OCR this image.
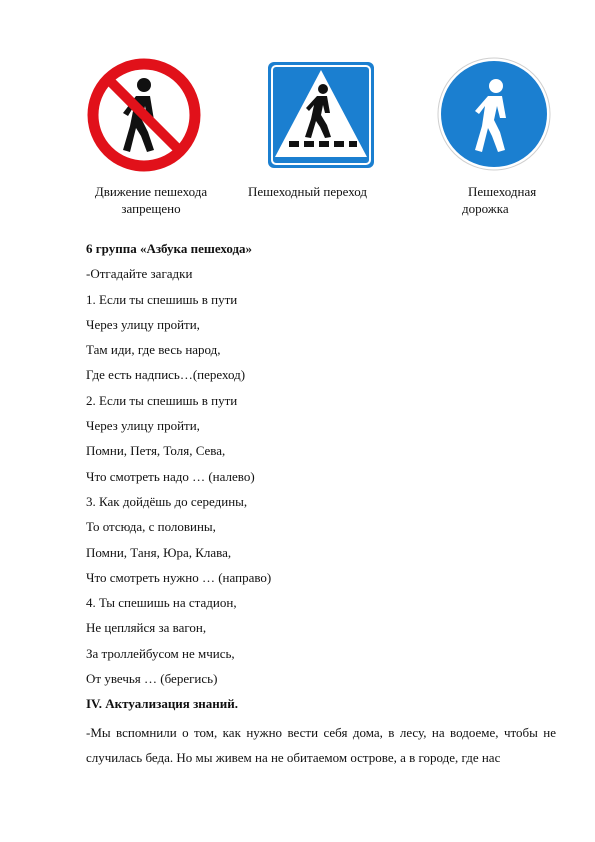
Движение пешехода
запрещено
Пешеходный переход	Пешеходная
дорожка
6 группа «Азбука пешехода»
-Отгадайте загадки
1. Если ты спешишь в пути
Через улицу пройти,
Там иди, где весь народ,
Где есть надпись…(переход)
2. Если ты спешишь в пути
Через улицу пройти,
Помни, Петя, Толя, Сева,
Что смотреть надо … (налево)
3. Как дойдёшь до середины,
То отсюда, с половины,
Помни, Таня, Юра, Клава,
Что смотреть нужно … (направо)
4. Ты спешишь на стадион,
Не цепляйся за вагон,
За троллейбусом не мчись,
От увечья … (берегись)
IV. Актуализация знаний.
-Мы вспомнили о том, как нужно вести себя дома, в лесу, на водоеме, чтобы не случилась беда. Но мы живем на не обитаемом острове, а в городе, где нас
